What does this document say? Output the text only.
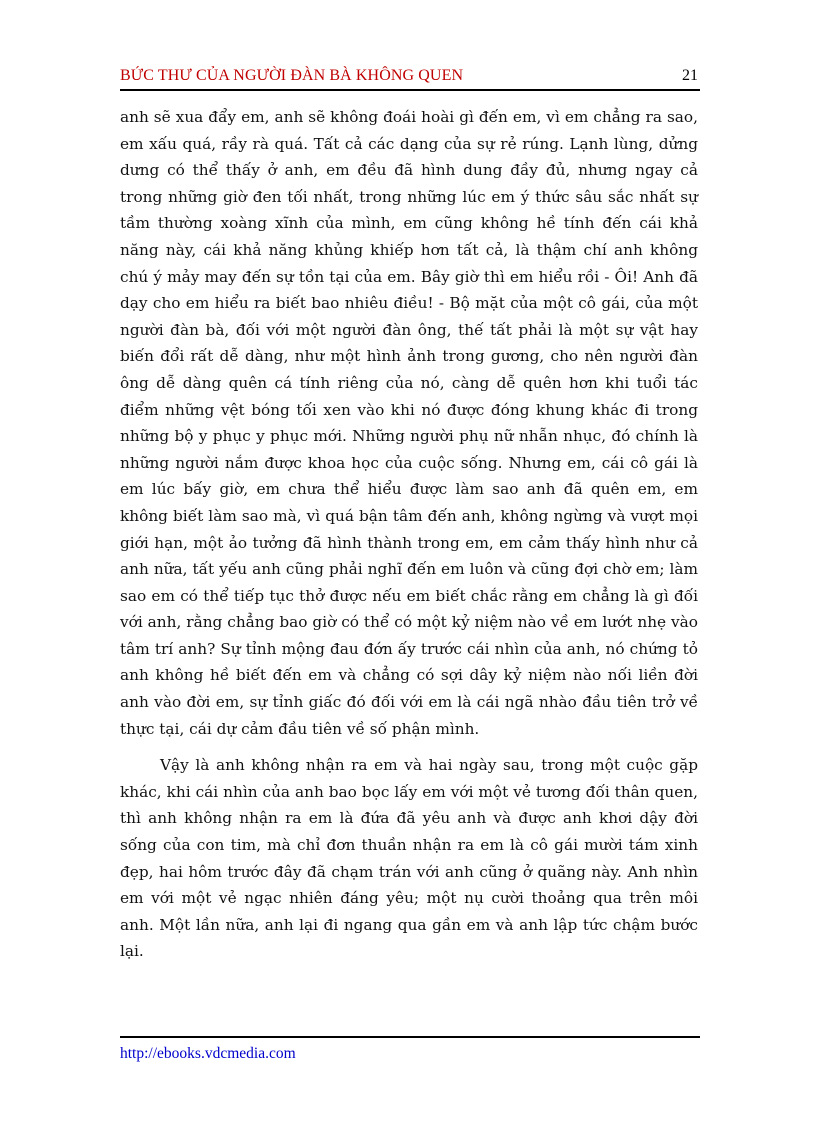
BỨC THƯ CỦA NGƯỜI ĐÀN BÀ KHÔNG QUEN	21

anh sẽ xua đẩy em, anh sẽ không đoái hoài gì đến em, vì em chẳng ra sao, em xấu quá, rầy rà quá. Tất cả các dạng của sự rẻ rúng. Lạnh lùng, dửng dưng có thể thấy ở anh, em đều đã hình dung đầy đủ, nhưng ngay cả trong những giờ đen tối nhất, trong những lúc em ý thức sâu sắc nhất sự tầm thường xoàng xĩnh của mình, em cũng không hề tính đến cái khả năng này, cái khả năng khủng khiếp hơn tất cả, là thậm chí anh không chú ý mảy may đến sự tồn tại của em. Bây giờ thì em hiểu rồi - Ôi! Anh đã dạy cho em hiểu ra biết bao nhiêu điều! - Bộ mặt của một cô gái, của một người đàn bà, đối với một người đàn ông, thế tất phải là một sự vật hay biến đổi rất dễ dàng, như một hình ảnh trong gương, cho nên người đàn ông dễ dàng quên cá tính riêng của nó, càng dễ quên hơn khi tuổi tác điểm những vệt bóng tối xen vào khi nó được đóng khung khác đi trong những bộ y phục y phục mới. Những người phụ nữ nhẫn nhục, đó chính là những người nắm được khoa học của cuộc sống. Nhưng em, cái cô gái là em lúc bấy giờ, em chưa thể hiểu được làm sao anh đã quên em, em không biết làm sao mà, vì quá bận tâm đến anh, không ngừng và vượt mọi giới hạn, một ảo tưởng đã hình thành trong em, em cảm thấy hình như cả anh nữa, tất yếu anh cũng phải nghĩ đến em luôn và cũng đợi chờ em; làm sao em có thể tiếp tục thở được nếu em biết chắc rằng em chẳng là gì đối với anh, rằng chẳng bao giờ có thể có một kỷ niệm nào về em lướt nhẹ vào tâm trí anh? Sự tỉnh mộng đau đớn ấy trước cái nhìn của anh, nó chứng tỏ anh không hề biết đến em và chẳng có sợi dây kỷ niệm nào nối liền đời anh vào đời em, sự tỉnh giấc đó đối với em là cái ngã nhào đầu tiên trở về thực tại, cái dự cảm đầu tiên về số phận mình.

Vậy là anh không nhận ra em và hai ngày sau, trong một cuộc gặp khác, khi cái nhìn của anh bao bọc lấy em với một vẻ tương đối thân quen, thì anh không nhận ra em là đứa đã yêu anh và được anh khơi dậy đời sống của con tim, mà chỉ đơn thuần nhận ra em là cô gái mười tám xinh đẹp, hai hôm trước đây đã chạm trán với anh cũng ở quãng này. Anh nhìn em với một vẻ ngạc nhiên đáng yêu; một nụ cười thoảng qua trên môi anh. Một lần nữa, anh lại đi ngang qua gần em và anh lập tức chậm bước lại.

http://ebooks.vdcmedia.com
